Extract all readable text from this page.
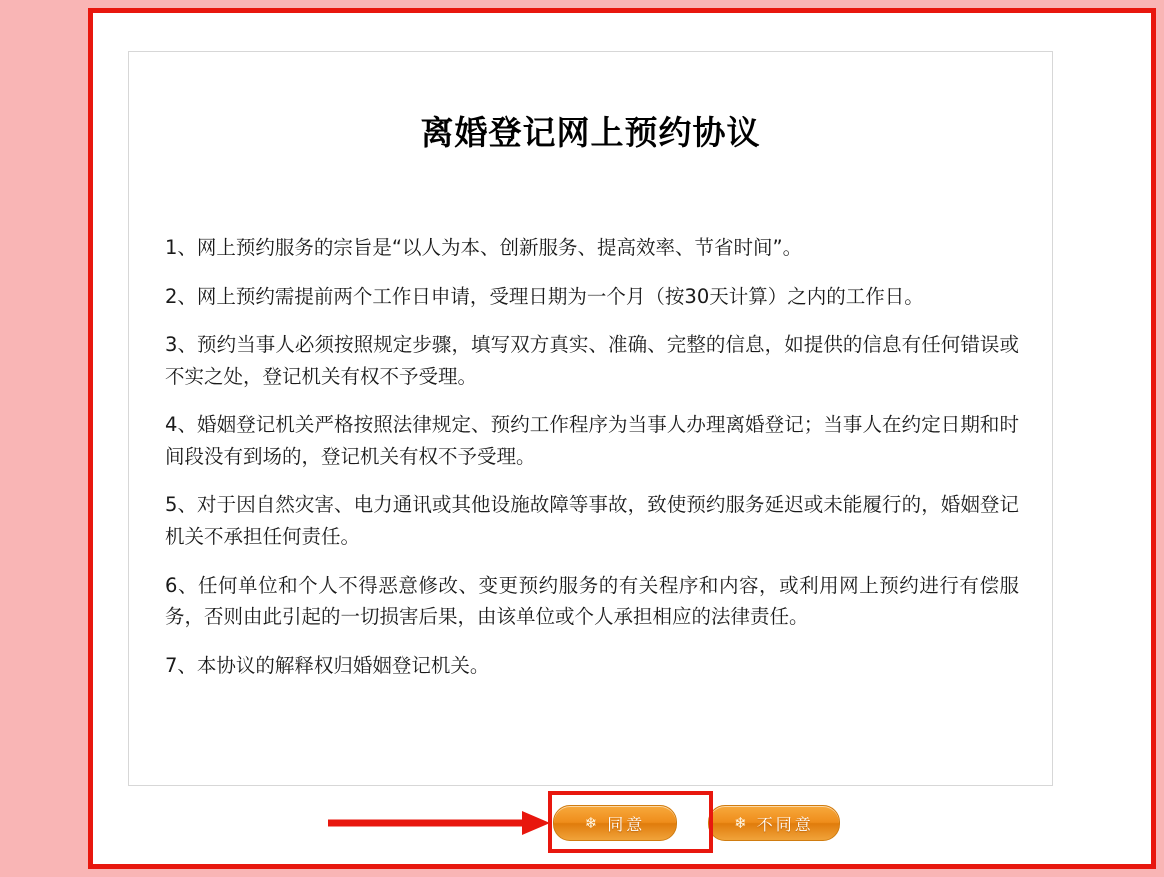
离婚登记网上预约协议
1、网上预约服务的宗旨是“以人为本、创新服务、提高效率、节省时间”。
2、网上预约需提前两个工作日申请，受理日期为一个月（按30天计算）之内的工作日。
3、预约当事人必须按照规定步骤，填写双方真实、准确、完整的信息，如提供的信息有任何错误或不实之处，登记机关有权不予受理。
4、婚姻登记机关严格按照法律规定、预约工作程序为当事人办理离婚登记；当事人在约定日期和时间段没有到场的，登记机关有权不予受理。
5、对于因自然灾害、电力通讯或其他设施故障等事故，致使预约服务延迟或未能履行的，婚姻登记机关不承担任何责任。
6、任何单位和个人不得恶意修改、变更预约服务的有关程序和内容，或利用网上预约进行有偿服务，否则由此引起的一切损害后果，由该单位或个人承担相应的法律责任。
7、本协议的解释权归婚姻登记机关。
❄ 同意	❄ 不同意
